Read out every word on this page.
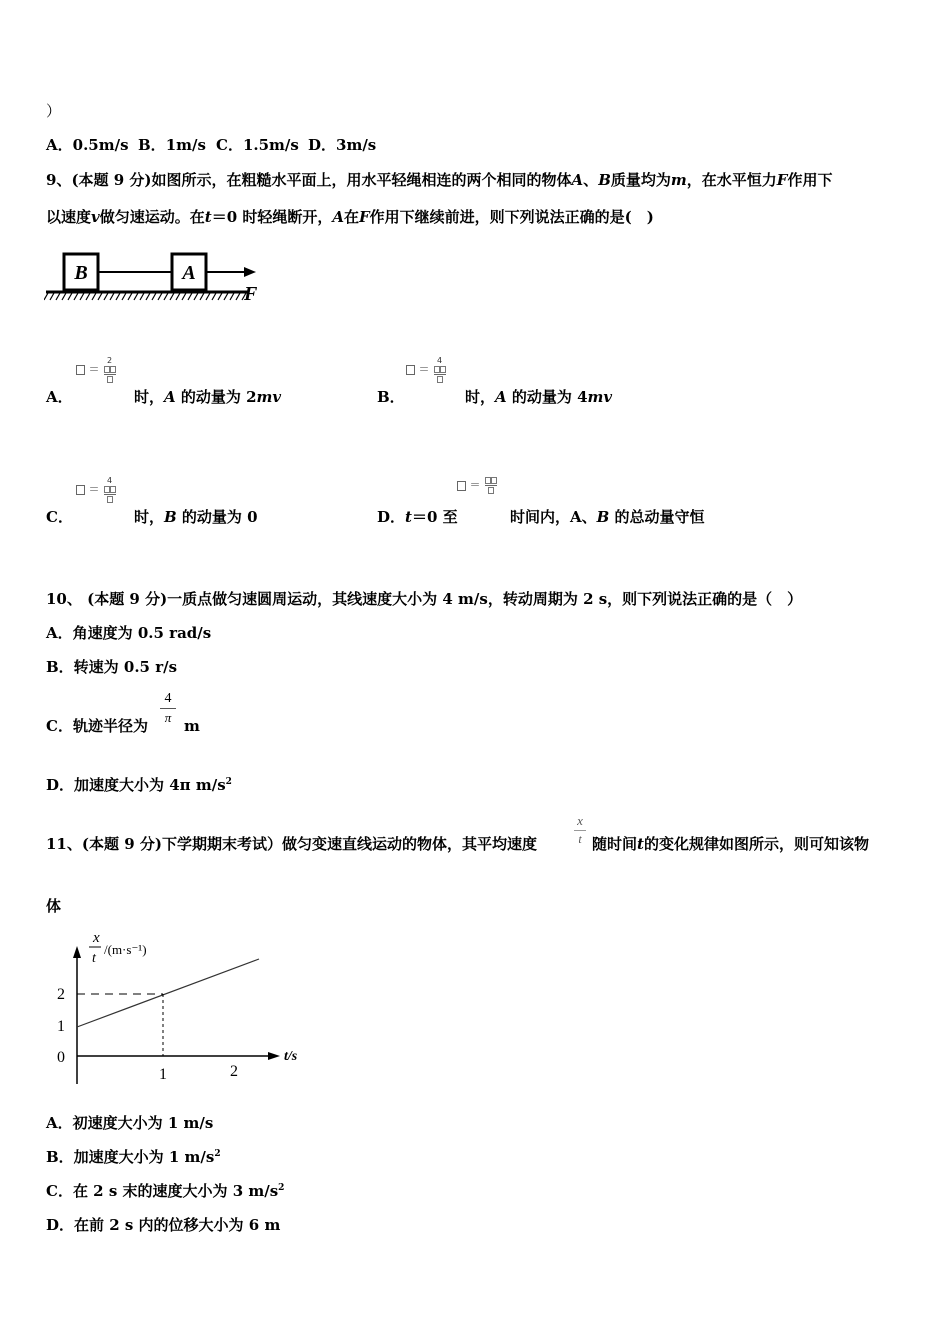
）
A．0.5m/s B．1m/s C．1.5m/s D．3m/s
9、(本题 9 分)如图所示，在粗糙水平面上，用水平轻绳相连的两个相同的物体A、B质量均为m，在水平恒力F作用下
以速度v做匀速运动。在t＝0 时轻绳断开，A在F作用下继续前进，则下列说法正确的是(　)
B	A
F
＝
2
A．	时，A 的动量为 2mv
＝
4
B．	时，A 的动量为 4mv
＝
4
C．	时，B 的动量为 0
＝
D．t＝0 至	时间内，A、B 的总动量守恒
10、 (本题 9 分)一质点做匀速圆周运动，其线速度大小为 4 m/s，转动周期为 2 s，则下列说法正确的是（　）
A．角速度为 0.5 rad/s
B．转速为 0.5 r/s
C．轨迹半径为
4
π m
D．加速度大小为 4π $m/s^2$
11、(本题 9 分)下学期期末考试）做匀变速直线运动的物体，其平均速度
x
t 随时间t的变化规律如图所示，则可知该物
体
x
t
/(m·s⁻¹)
2
1
0
1	2
t/s
A．初速度大小为 1 m/s
B．加速度大小为 1 $m/s^2$
C．在 2 s 末的速度大小为 3 $m/s^2$
D．在前 2 s 内的位移大小为 6 m
